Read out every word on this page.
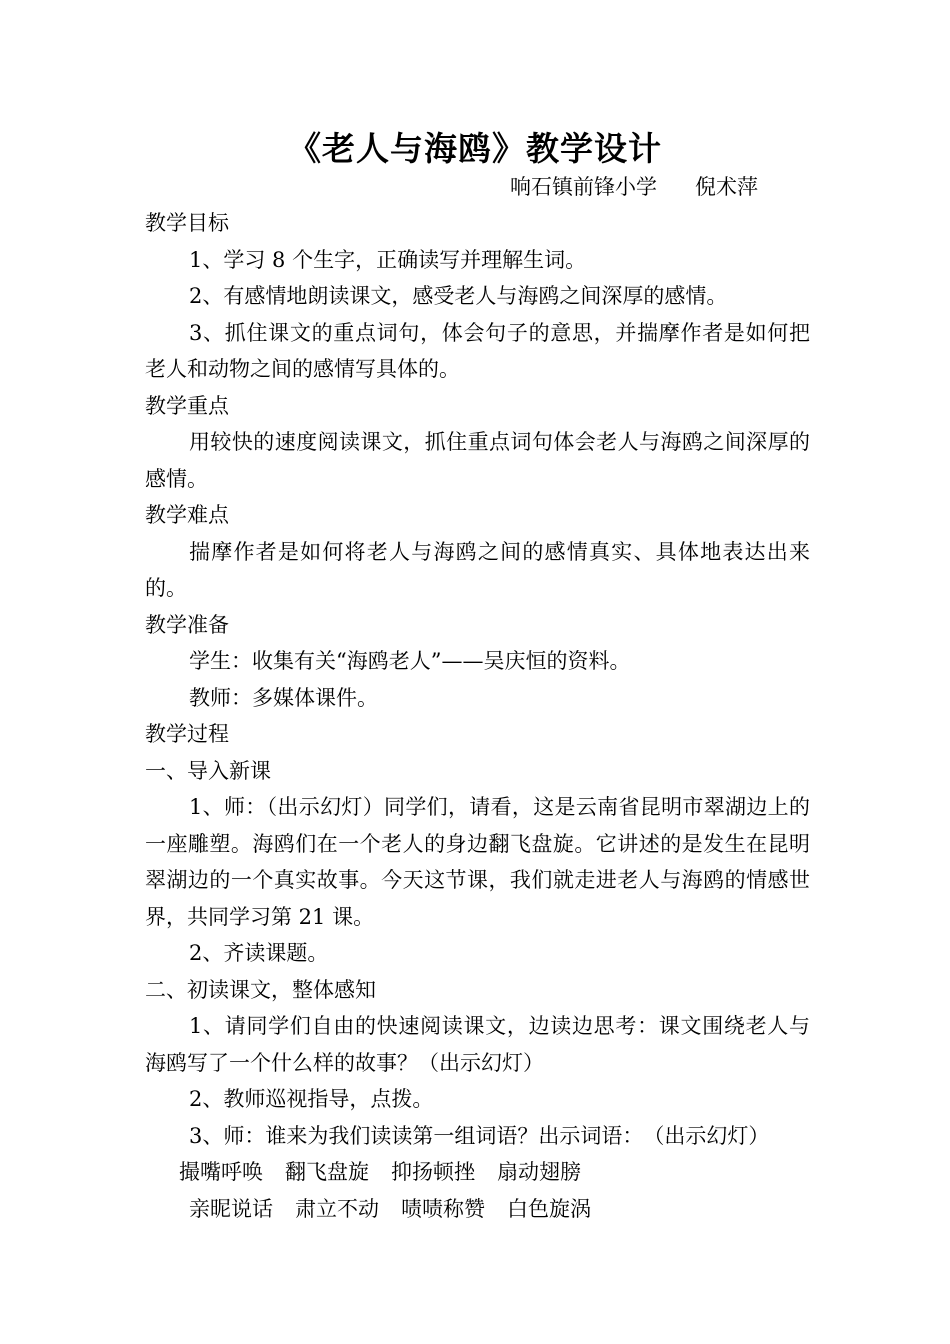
《老人与海鸥》教学设计
响石镇前锋小学 倪术萍

教学目标

1、学习 8 个生字，正确读写并理解生词。

2、有感情地朗读课文，感受老人与海鸥之间深厚的感情。

3、抓住课文的重点词句，体会句子的意思，并揣摩作者是如何把老人和动物之间的感情写具体的。

教学重点

用较快的速度阅读课文，抓住重点词句体会老人与海鸥之间深厚的感情。

教学难点

揣摩作者是如何将老人与海鸥之间的感情真实、具体地表达出来的。

教学准备

学生：收集有关“海鸥老人”——吴庆恒的资料。

教师：多媒体课件。

教学过程

一、导入新课

1、师：（出示幻灯）同学们，请看，这是云南省昆明市翠湖边上的一座雕塑。海鸥们在一个老人的身边翻飞盘旋。它讲述的是发生在昆明翠湖边的一个真实故事。今天这节课，我们就走进老人与海鸥的情感世界，共同学习第 21 课。

2、齐读课题。

二、初读课文，整体感知

1、请同学们自由的快速阅读课文，边读边思考：课文围绕老人与海鸥写了一个什么样的故事？（出示幻灯）

2、教师巡视指导，点拨。

3、师：谁来为我们读读第一组词语？出示词语：　（出示幻灯）

撮嘴呼唤 翻飞盘旋 抑扬顿挫 扇动翅膀

亲昵说话 肃立不动 啧啧称赞 白色旋涡
